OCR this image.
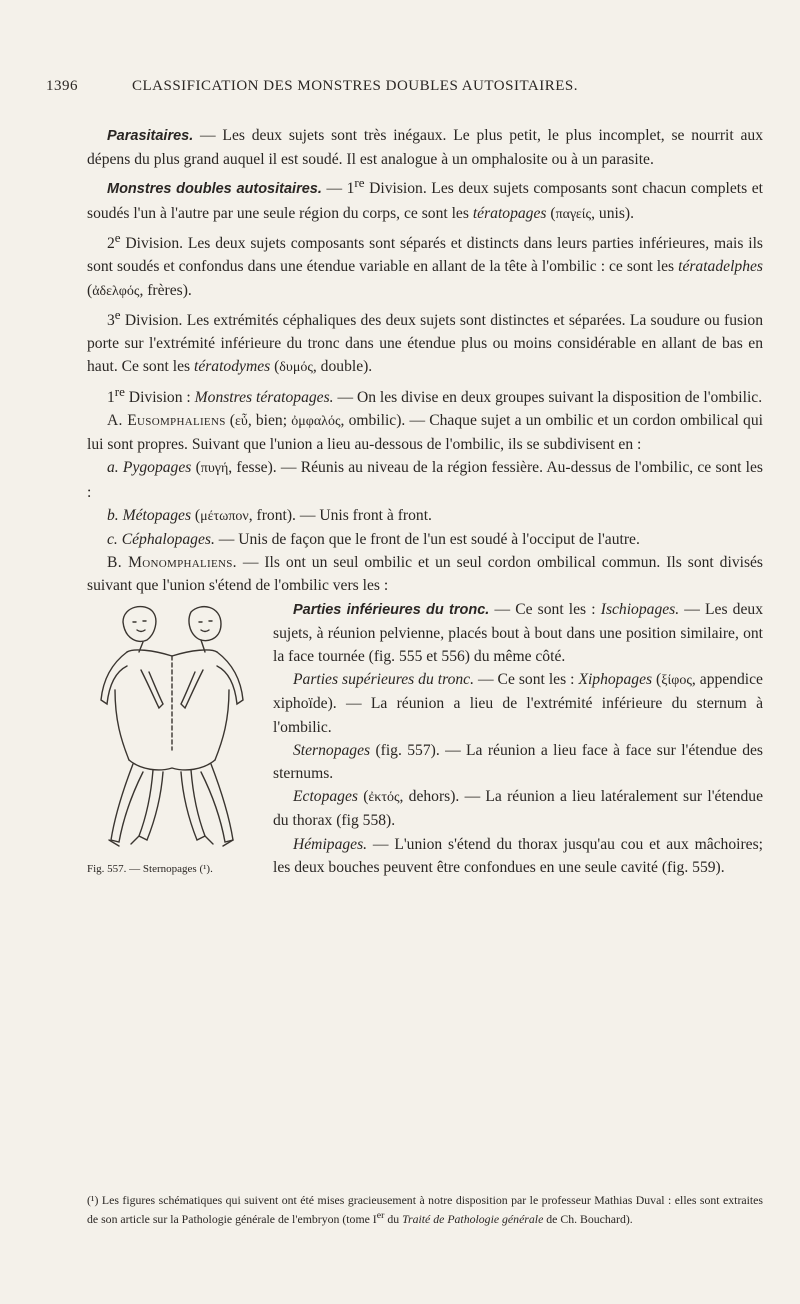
1396	CLASSIFICATION DES MONSTRES DOUBLES AUTOSITAIRES.

Parasitaires. — Les deux sujets sont très inégaux. Le plus petit, le plus incomplet, se nourrit aux dépens du plus grand auquel il est soudé. Il est analogue à un omphalosite ou à un parasite.

Monstres doubles autositaires. — 1re Division. Les deux sujets composants sont chacun complets et soudés l'un à l'autre par une seule région du corps, ce sont les tératopages (παγείς, unis).

2e Division. Les deux sujets composants sont séparés et distincts dans leurs parties inférieures, mais ils sont soudés et confondus dans une étendue variable en allant de la tête à l'ombilic : ce sont les tératadelphes (ἀδελφός, frères).

3e Division. Les extrémités céphaliques des deux sujets sont distinctes et séparées. La soudure ou fusion porte sur l'extrémité inférieure du tronc dans une étendue plus ou moins considérable en allant de bas en haut. Ce sont les tératodymes (δυμός, double).

1re Division : Monstres tératopages. — On les divise en deux groupes suivant la disposition de l'ombilic.

A. Eusomphaliens (εὖ, bien; ὀμφαλός, ombilic). — Chaque sujet a un ombilic et un cordon ombilical qui lui sont propres. Suivant que l'union a lieu au-dessous de l'ombilic, ils se subdivisent en :

a. Pygopages (πυγή, fesse). — Réunis au niveau de la région fessière. Au-dessus de l'ombilic, ce sont les :

b. Métopages (μέτωπον, front). — Unis front à front.

c. Céphalopages. — Unis de façon que le front de l'un est soudé à l'occiput de l'autre.

B. Monomphaliens. — Ils ont un seul ombilic et un seul cordon ombilical commun. Ils sont divisés suivant que l'union s'étend de l'ombilic vers les :

Fig. 557. — Sternopages (¹).

Parties inférieures du tronc. — Ce sont les : Ischiopages. — Les deux sujets, à réunion pelvienne, placés bout à bout dans une position similaire, ont la face tournée (fig. 555 et 556) du même côté.

Parties supérieures du tronc. — Ce sont les : Xiphopages (ξίφος, appendice xiphoïde). — La réunion a lieu de l'extrémité inférieure du sternum à l'ombilic.

Sternopages (fig. 557). — La réunion a lieu face à face sur l'étendue des sternums.

Ectopages (ἐκτός, dehors). — La réunion a lieu latéralement sur l'étendue du thorax (fig 558).

Hémipages. — L'union s'étend du thorax jusqu'au cou et aux mâchoires; les deux bouches peuvent être confondues en une seule cavité (fig. 559).

(¹) Les figures schématiques qui suivent ont été mises gracieusement à notre disposition par le professeur Mathias Duval : elles sont extraites de son article sur la Pathologie générale de l'embryon (tome Ier du Traité de Pathologie générale de Ch. Bouchard).
